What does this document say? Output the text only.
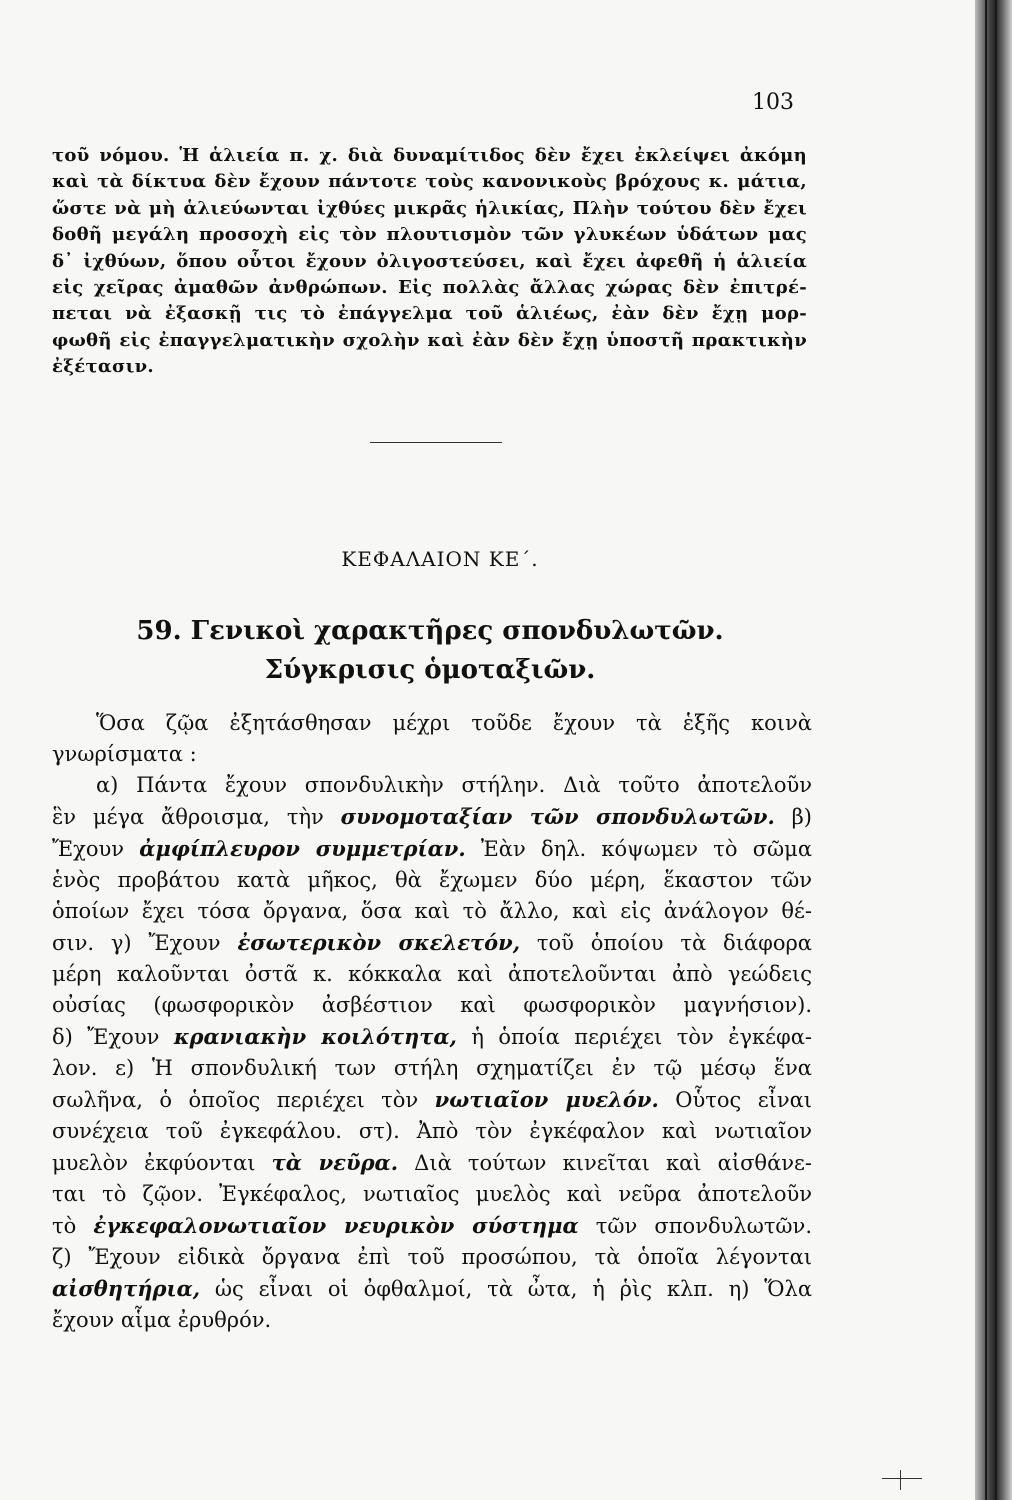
103
τοῦ νόμου. Ἡ ἁλιεία π. χ. διὰ δυναμίτιδος δὲν ἔχει ἐκλείψει ἀκόμη
καὶ τὰ δίκτυα δὲν ἔχουν πάντοτε τοὺς κανονικοὺς βρόχους κ. μάτια,
ὥστε νὰ μὴ ἁλιεύωνται ἰχθύες μικρᾶς ἡλικίας, Πλὴν τούτου δὲν ἔχει
δοθῆ μεγάλη προσοχὴ εἰς τὸν πλουτισμὸν τῶν γλυκέων ὑδάτων μας
δ᾽ ἰχθύων, ὅπου οὗτοι ἔχουν ὀλιγοστεύσει, καὶ ἔχει ἀφεθῆ ἡ ἁλιεία
εἰς χεῖρας ἀμαθῶν ἀνθρώπων. Εἰς πολλὰς ἄλλας χώρας δὲν ἐπιτρέ-
πεται νὰ ἐξασκῇ τις τὸ ἐπάγγελμα τοῦ ἁλιέως, ἐὰν δὲν ἔχῃ μορ-
φωθῆ εἰς ἐπαγγελματικὴν σχολὴν καὶ ἐὰν δὲν ἔχῃ ὑποστῆ πρακτικὴν
ἐξέτασιν.
ΚΕΦΑΛΑΙΟΝ ΚΕ΄.
59. Γενικοὶ χαρακτῆρες σπονδυλωτῶν.
Σύγκρισις ὁμοταξιῶν.
Ὅσα ζῷα ἐξητάσθησαν μέχρι τοῦδε ἔχουν τὰ ἑξῆς κοινὰ
γνωρίσματα :
α) Πάντα ἔχουν σπονδυλικὴν στήλην. Διὰ τοῦτο ἀποτελοῦν
ἓν μέγα ἄθροισμα, τὴν συνομοταξίαν τῶν σπονδυλωτῶν. β)
Ἔχουν ἀμφίπλευρον συμμετρίαν. Ἐὰν δηλ. κόψωμεν τὸ σῶμα
ἑνὸς προβάτου κατὰ μῆκος, θὰ ἔχωμεν δύο μέρη, ἕκαστον τῶν
ὁποίων ἔχει τόσα ὄργανα, ὅσα καὶ τὸ ἄλλο, καὶ εἰς ἀνάλογον θέ-
σιν. γ) Ἔχουν ἐσωτερικὸν σκελετόν, τοῦ ὁποίου τὰ διάφορα
μέρη καλοῦνται ὀστᾶ κ. κόκκαλα καὶ ἀποτελοῦνται ἀπὸ γεώδεις
οὐσίας (φωσφορικὸν ἀσβέστιον καὶ φωσφορικὸν μαγνήσιον).
δ) Ἔχουν κρανιακὴν κοιλότητα, ἡ ὁποία περιέχει τὸν ἐγκέφα-
λον. ε) Ἡ σπονδυλική των στήλη σχηματίζει ἐν τῷ μέσῳ ἕνα
σωλῆνα, ὁ ὁποῖος περιέχει τὸν νωτιαῖον μυελόν. Οὗτος εἶναι
συνέχεια τοῦ ἐγκεφάλου. στ). Ἀπὸ τὸν ἐγκέφαλον καὶ νωτιαῖον
μυελὸν ἐκφύονται τὰ νεῦρα. Διὰ τούτων κινεῖται καὶ αἰσθάνε-
ται τὸ ζῷον. Ἐγκέφαλος, νωτιαῖος μυελὸς καὶ νεῦρα ἀποτελοῦν
τὸ ἐγκεφαλονωτιαῖον νευρικὸν σύστημα τῶν σπονδυλωτῶν.
ζ) Ἔχουν εἰδικὰ ὄργανα ἐπὶ τοῦ προσώπου, τὰ ὁποῖα λέγονται
αἰσθητήρια, ὡς εἶναι οἱ ὀφθαλμοί, τὰ ὦτα, ἡ ῥὶς κλπ. η) Ὅλα
ἔχουν αἷμα ἐρυθρόν.
